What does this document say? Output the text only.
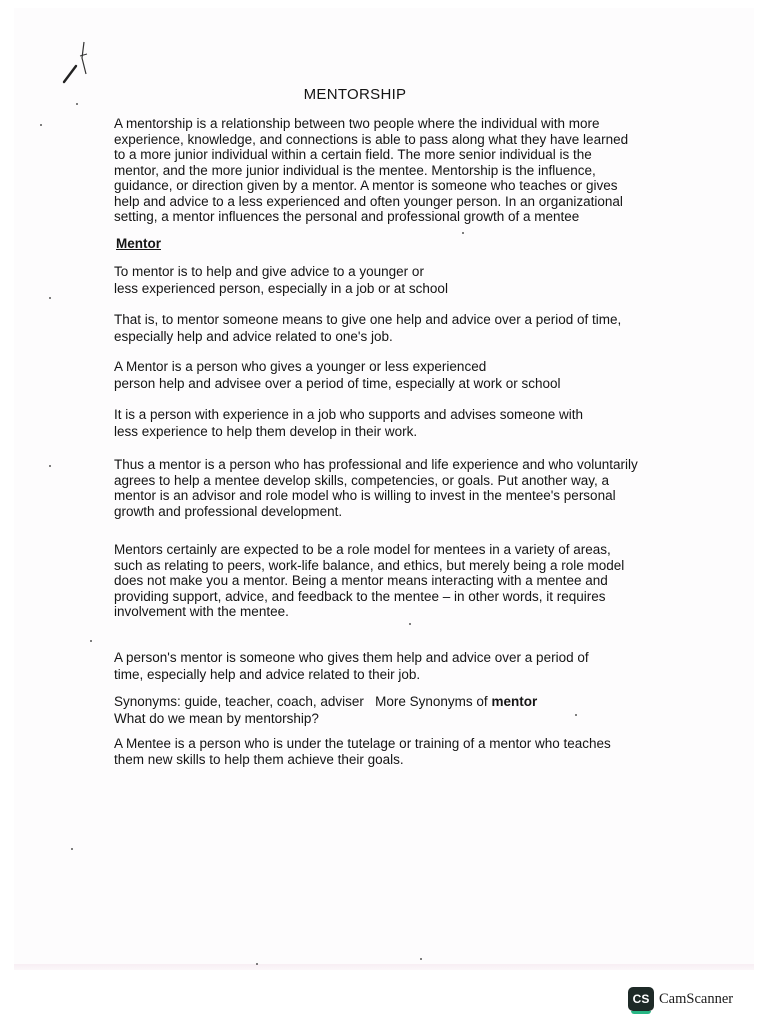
MENTORSHIP
A mentorship is a relationship between two people where the individual with more
experience, knowledge, and connections is able to pass along what they have learned
to a more junior individual within a certain field. The more senior individual is the
mentor, and the more junior individual is the mentee. Mentorship is the influence,
guidance, or direction given by a mentor. A mentor is someone who teaches or gives
help and advice to a less experienced and often younger person. In an organizational
setting, a mentor influences the personal and professional growth of a mentee
Mentor
To mentor is to help and give advice to a younger or
less experienced person, especially in a job or at school
That is, to mentor someone means to give one help and advice over a period of time,
especially help and advice related to one's job.
A Mentor is a person who gives a younger or less experienced
person help and advisee over a period of time, especially at work or school
It is a person with experience in a job who supports and advises someone with
less experience to help them develop in their work.
Thus a mentor is a person who has professional and life experience and who voluntarily
agrees to help a mentee develop skills, competencies, or goals. Put another way, a
mentor is an advisor and role model who is willing to invest in the mentee's personal
growth and professional development.
Mentors certainly are expected to be a role model for mentees in a variety of areas,
such as relating to peers, work-life balance, and ethics, but merely being a role model
does not make you a mentor. Being a mentor means interacting with a mentee and
providing support, advice, and feedback to the mentee – in other words, it requires
involvement with the mentee.
A person's mentor is someone who gives them help and advice over a period of
time, especially help and advice related to their job.
Synonyms: guide, teacher, coach, adviser   More Synonyms of mentor
What do we mean by mentorship?
A Mentee is a person who is under the tutelage or training of a mentor who teaches
them new skills to help them achieve their goals.
CS CamScanner
